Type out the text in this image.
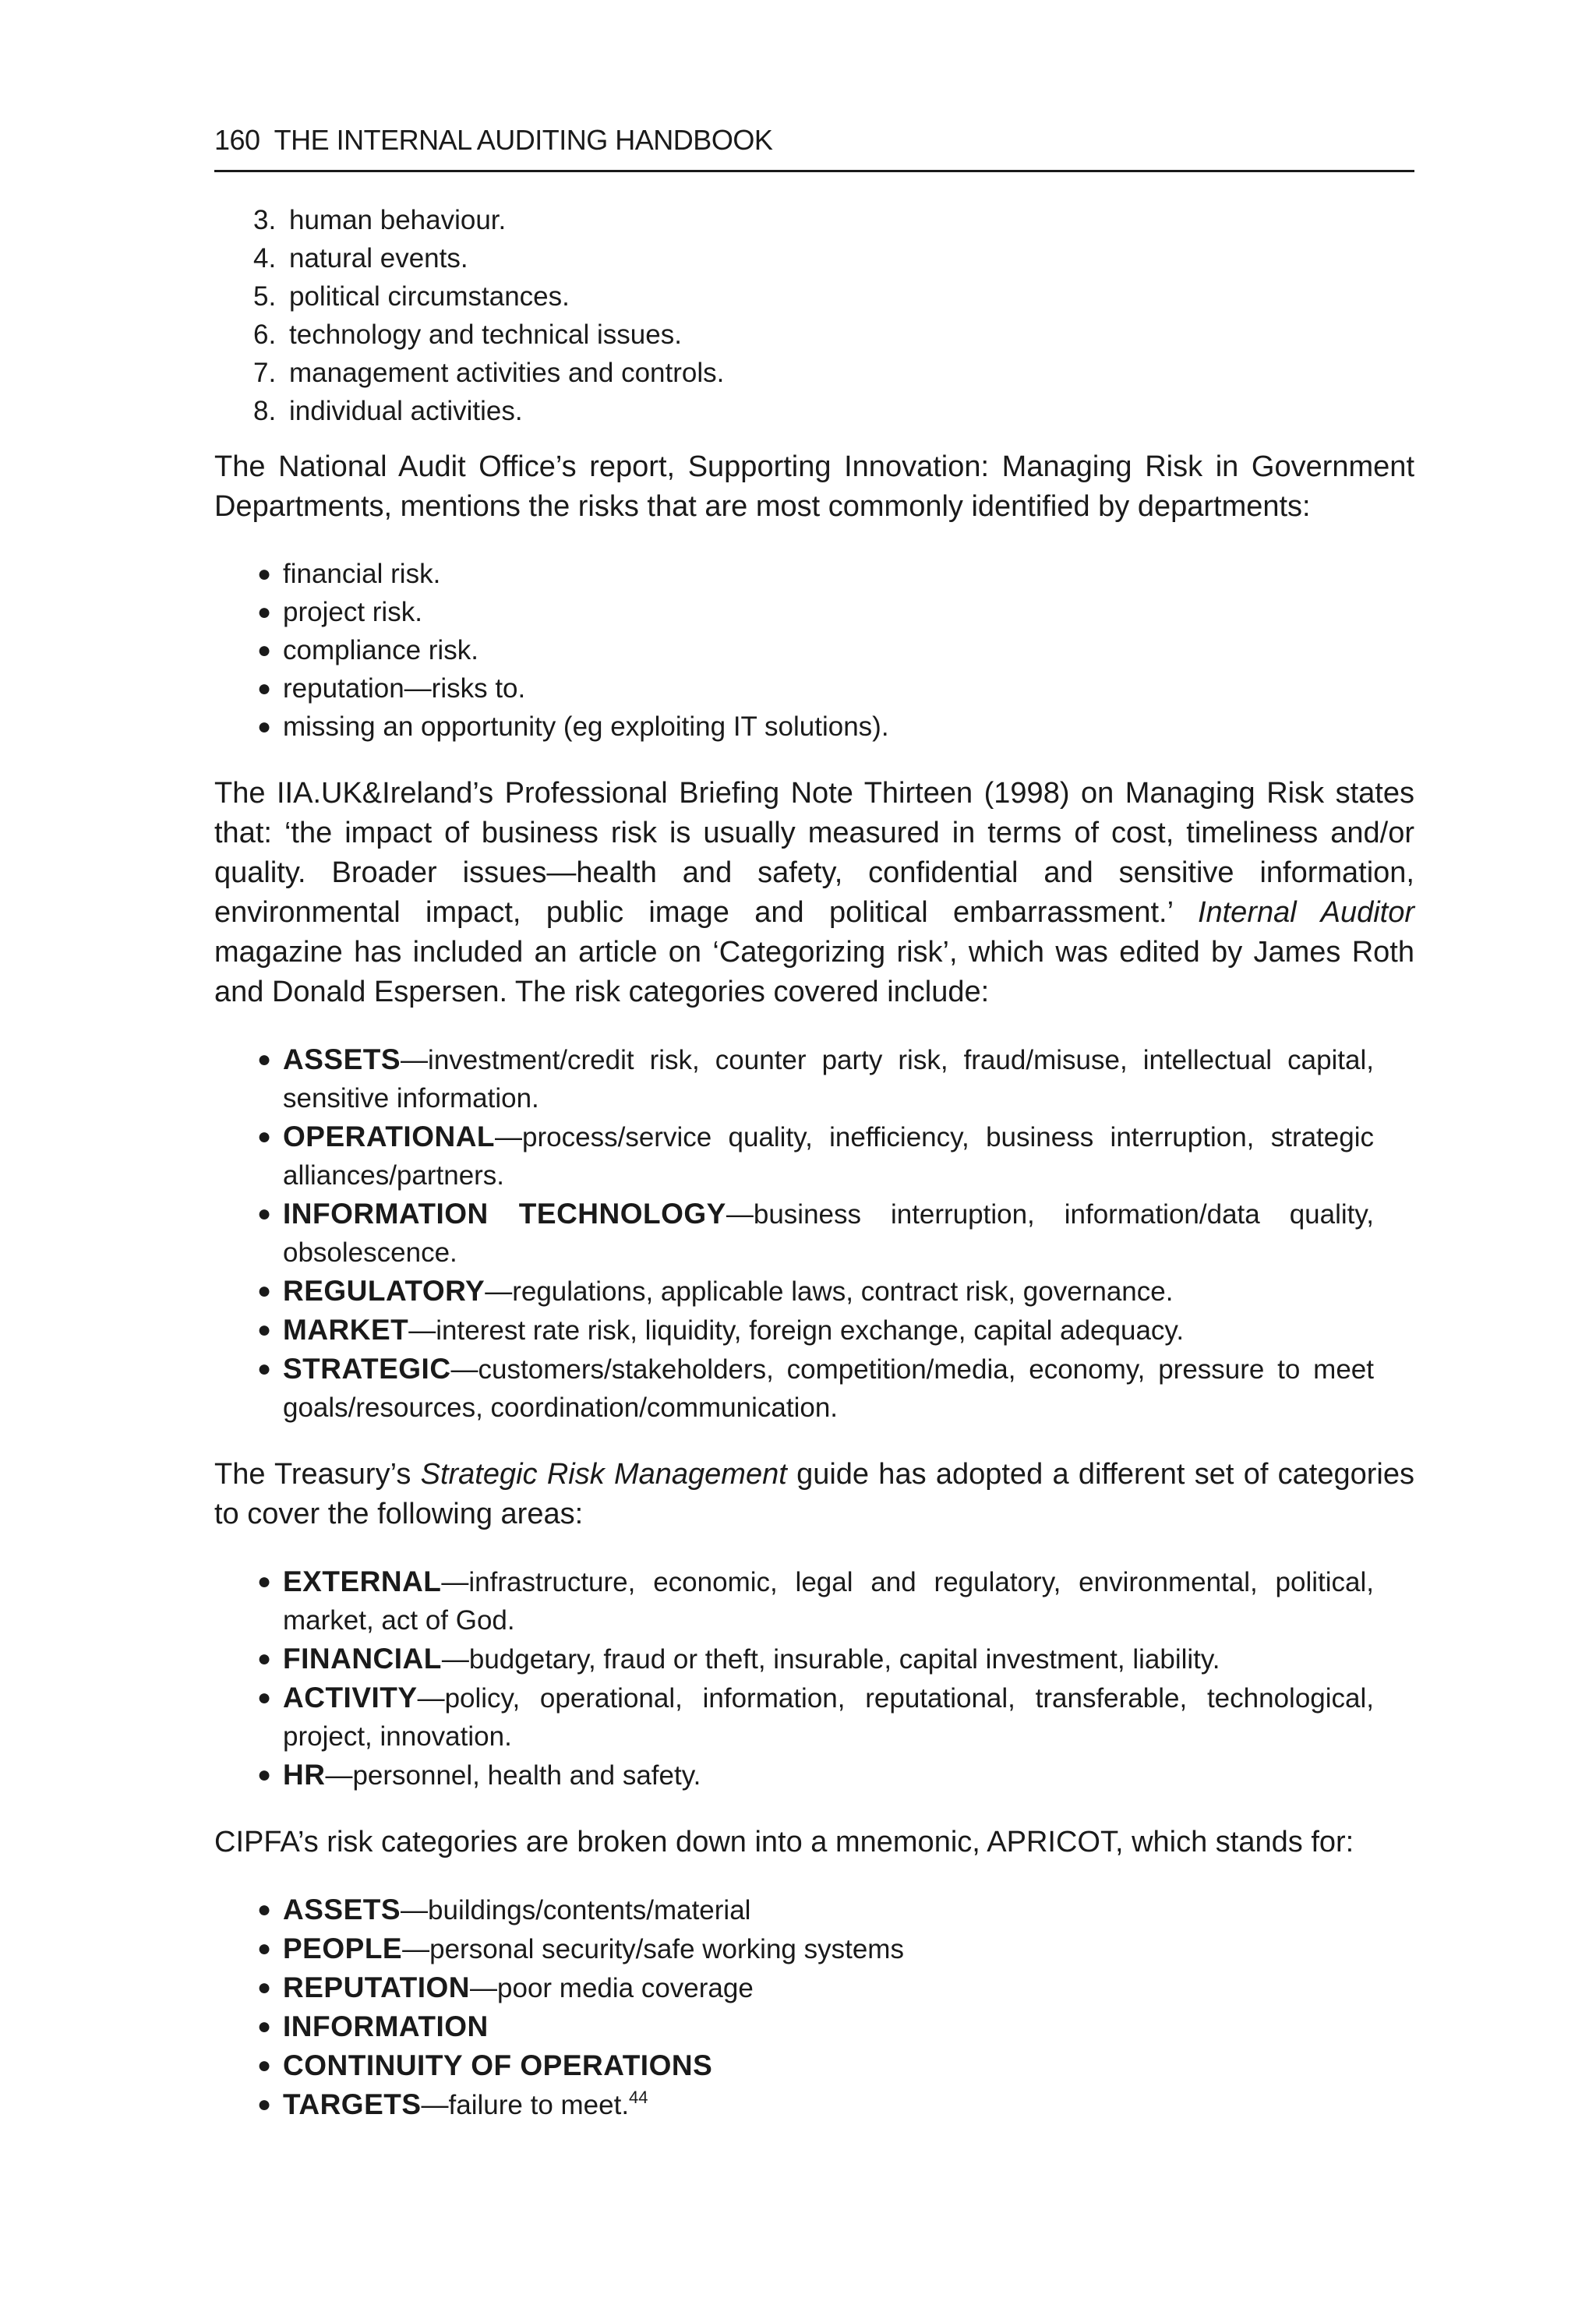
160 THE INTERNAL AUDITING HANDBOOK
3. human behaviour.
4. natural events.
5. political circumstances.
6. technology and technical issues.
7. management activities and controls.
8. individual activities.

The National Audit Office’s report, Supporting Innovation: Managing Risk in Government Departments, mentions the risks that are most commonly identified by departments:

● financial risk.
● project risk.
● compliance risk.
● reputation—risks to.
● missing an opportunity (eg exploiting IT solutions).

The IIA.UK&Ireland’s Professional Briefing Note Thirteen (1998) on Managing Risk states that: ‘the impact of business risk is usually measured in terms of cost, timeliness and/or quality. Broader issues—health and safety, confidential and sensitive information, environmental impact, public image and political embarrassment.’ Internal Auditor magazine has included an article on ‘Categorizing risk’, which was edited by James Roth and Donald Espersen. The risk categories covered include:

● ASSETS—investment/credit risk, counter party risk, fraud/misuse, intellectual capital, sensitive information.
● OPERATIONAL—process/service quality, inefficiency, business interruption, strategic alliances/partners.
● INFORMATION TECHNOLOGY—business interruption, information/data quality, obsolescence.
● REGULATORY—regulations, applicable laws, contract risk, governance.
● MARKET—interest rate risk, liquidity, foreign exchange, capital adequacy.
● STRATEGIC—customers/stakeholders, competition/media, economy, pressure to meet goals/resources, coordination/communication.

The Treasury’s Strategic Risk Management guide has adopted a different set of categories to cover the following areas:

● EXTERNAL—infrastructure, economic, legal and regulatory, environmental, political, market, act of God.
● FINANCIAL—budgetary, fraud or theft, insurable, capital investment, liability.
● ACTIVITY—policy, operational, information, reputational, transferable, technological, project, innovation.
● HR—personnel, health and safety.

CIPFA’s risk categories are broken down into a mnemonic, APRICOT, which stands for:

● ASSETS—buildings/contents/material
● PEOPLE—personal security/safe working systems
● REPUTATION—poor media coverage
● INFORMATION
● CONTINUITY OF OPERATIONS
● TARGETS—failure to meet.$^{44}$
